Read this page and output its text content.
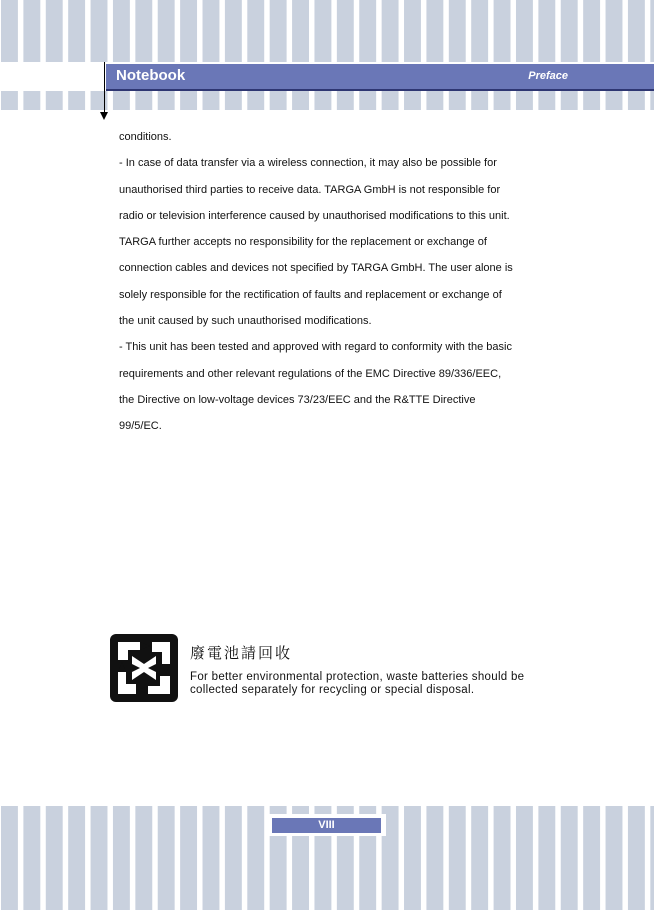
Notebook	Preface

conditions.

- In case of data transfer via a wireless connection, it may also be possible for

unauthorised third parties to receive data. TARGA GmbH is not responsible for

radio or television interference caused by unauthorised modifications to this unit.

TARGA further accepts no responsibility for the replacement or exchange of

connection cables and devices not specified by TARGA GmbH. The user alone is

solely responsible for the rectification of faults and replacement or exchange of

the unit caused by such unauthorised modifications.

- This unit has been tested and approved with regard to conformity with the basic

requirements and other relevant regulations of the EMC Directive 89/336/EEC,

the Directive on low-voltage devices 73/23/EEC and the R&TTE Directive

99/5/EC.

廢電池請回收
For better environmental protection, waste batteries should be
collected separately for recycling or special disposal.
VIII
